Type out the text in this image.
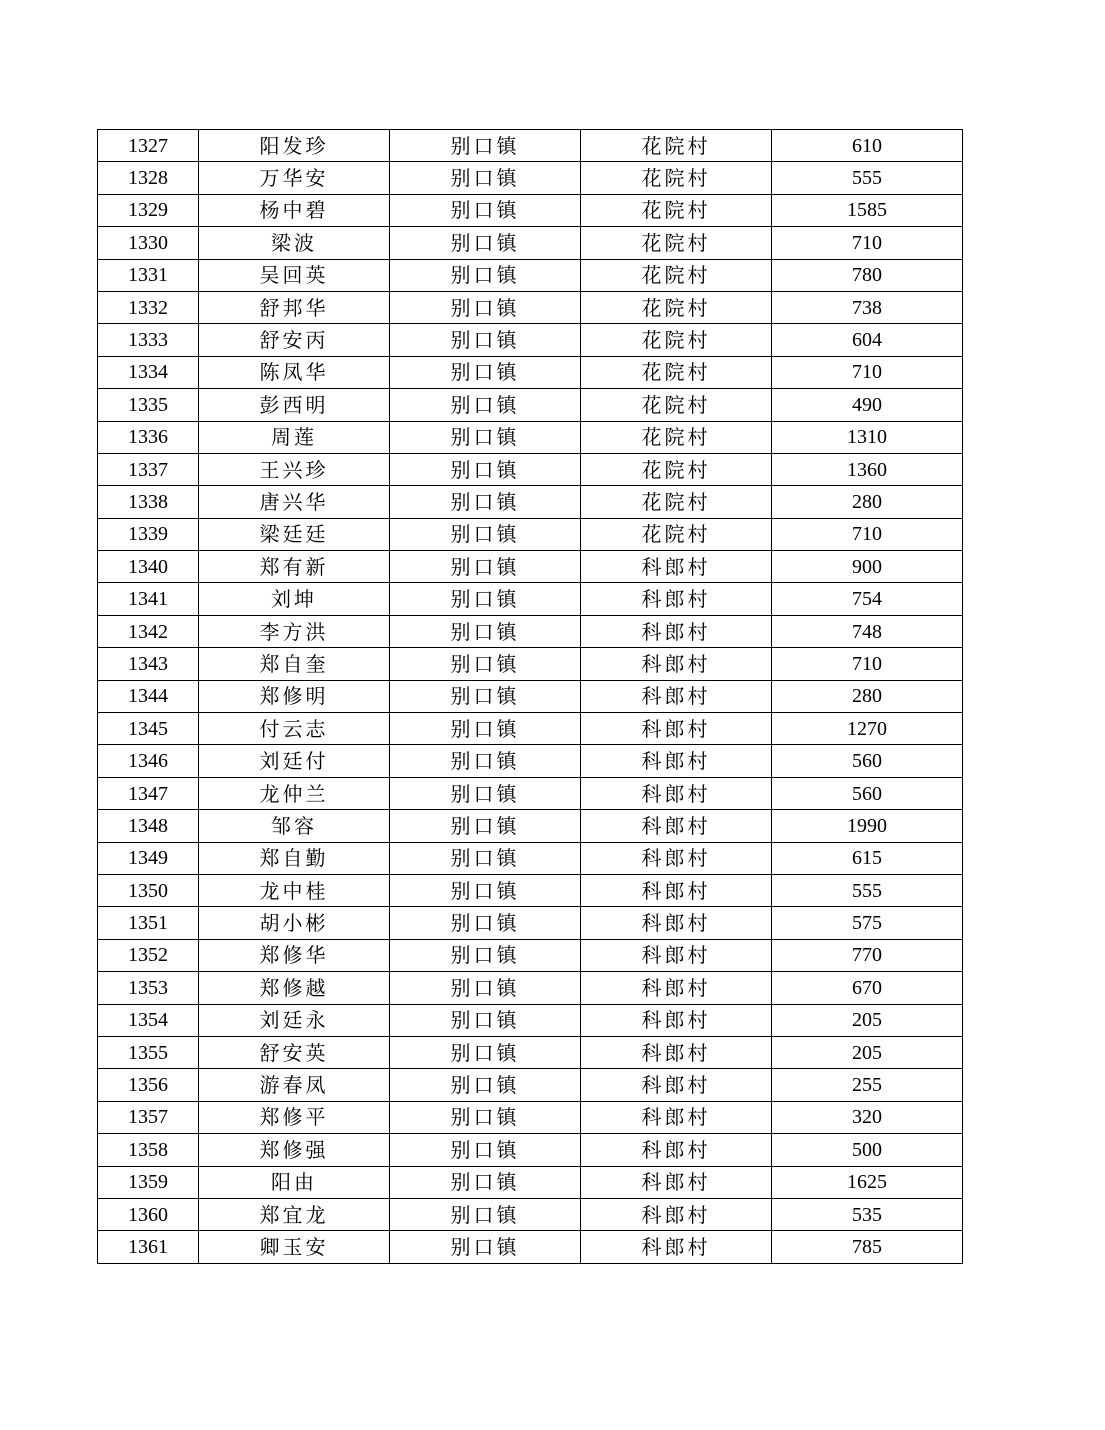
1327	阳发珍	别口镇	花院村	610
1328	万华安	别口镇	花院村	555
1329	杨中碧	别口镇	花院村	1585
1330	梁波	别口镇	花院村	710
1331	吴回英	别口镇	花院村	780
1332	舒邦华	别口镇	花院村	738
1333	舒安丙	别口镇	花院村	604
1334	陈凤华	别口镇	花院村	710
1335	彭西明	别口镇	花院村	490
1336	周莲	别口镇	花院村	1310
1337	王兴珍	别口镇	花院村	1360
1338	唐兴华	别口镇	花院村	280
1339	梁廷廷	别口镇	花院村	710
1340	郑有新	别口镇	科郎村	900
1341	刘坤	别口镇	科郎村	754
1342	李方洪	别口镇	科郎村	748
1343	郑自奎	别口镇	科郎村	710
1344	郑修明	别口镇	科郎村	280
1345	付云志	别口镇	科郎村	1270
1346	刘廷付	别口镇	科郎村	560
1347	龙仲兰	别口镇	科郎村	560
1348	邹容	别口镇	科郎村	1990
1349	郑自勤	别口镇	科郎村	615
1350	龙中桂	别口镇	科郎村	555
1351	胡小彬	别口镇	科郎村	575
1352	郑修华	别口镇	科郎村	770
1353	郑修越	别口镇	科郎村	670
1354	刘廷永	别口镇	科郎村	205
1355	舒安英	别口镇	科郎村	205
1356	游春凤	别口镇	科郎村	255
1357	郑修平	别口镇	科郎村	320
1358	郑修强	别口镇	科郎村	500
1359	阳由	别口镇	科郎村	1625
1360	郑宜龙	别口镇	科郎村	535
1361	卿玉安	别口镇	科郎村	785
